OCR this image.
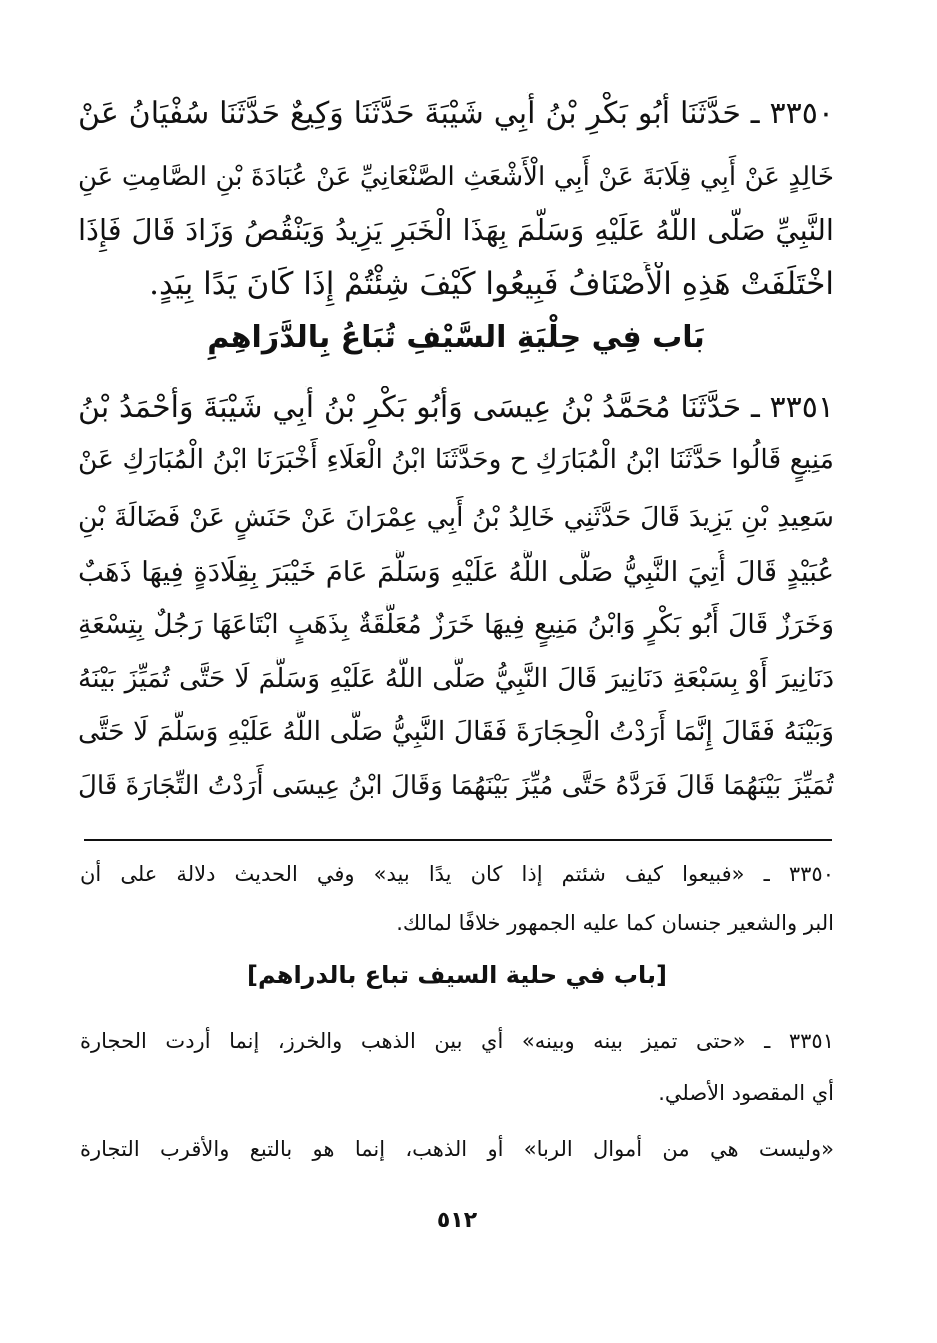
٣٣٥٠ ـ حَدَّثَنَا أَبُو بَكْرِ بْنُ أَبِي شَيْبَةَ حَدَّثَنَا وَكِيعٌ حَدَّثَنَا سُفْيَانُ عَنْ
خَالِدٍ عَنْ أَبِي قِلَابَةَ عَنْ أَبِي الْأَشْعَثِ الصَّنْعَانِيِّ عَنْ عُبَادَةَ بْنِ الصَّامِتِ عَنِ
النَّبِيِّ صَلَّى اللَّهُ عَلَيْهِ وَسَلَّمَ بِهَذَا الْخَبَرِ يَزِيدُ وَيَنْقُصُ وَزَادَ قَالَ فَإِذَا
اخْتَلَفَتْ هَذِهِ الْأَصْنَافُ فَبِيعُوا كَيْفَ شِئْتُمْ إِذَا كَانَ يَدًا بِيَدٍ.
بَاب فِي حِلْيَةِ السَّيْفِ تُبَاعُ بِالدَّرَاهِمِ
٣٣٥١ ـ حَدَّثَنَا مُحَمَّدُ بْنُ عِيسَى وَأَبُو بَكْرِ بْنُ أَبِي شَيْبَةَ وَأَحْمَدُ بْنُ
مَنِيعٍ قَالُوا حَدَّثَنَا ابْنُ الْمُبَارَكِ ح وحَدَّثَنَا ابْنُ الْعَلَاءِ أَخْبَرَنَا ابْنُ الْمُبَارَكِ عَنْ
سَعِيدِ بْنِ يَزِيدَ قَالَ حَدَّثَنِي خَالِدُ بْنُ أَبِي عِمْرَانَ عَنْ حَنَشٍ عَنْ فَضَالَةَ بْنِ
عُبَيْدٍ قَالَ أُتِيَ النَّبِيُّ صَلَّى اللَّهُ عَلَيْهِ وَسَلَّمَ عَامَ خَيْبَرَ بِقِلَادَةٍ فِيهَا ذَهَبٌ
وَخَرَزٌ قَالَ أَبُو بَكْرٍ وَابْنُ مَنِيعٍ فِيهَا خَرَزٌ مُعَلَّقَةٌ بِذَهَبٍ ابْتَاعَهَا رَجُلٌ بِتِسْعَةِ
دَنَانِيرَ أَوْ بِسَبْعَةِ دَنَانِيرَ قَالَ النَّبِيُّ صَلَّى اللَّهُ عَلَيْهِ وَسَلَّمَ لَا حَتَّى تُمَيِّزَ بَيْنَهُ
وَبَيْنَهُ فَقَالَ إِنَّمَا أَرَدْتُ الْحِجَارَةَ فَقَالَ النَّبِيُّ صَلَّى اللَّهُ عَلَيْهِ وَسَلَّمَ لَا حَتَّى
تُمَيِّزَ بَيْنَهُمَا قَالَ فَرَدَّهُ حَتَّى مُيِّزَ بَيْنَهُمَا وَقَالَ ابْنُ عِيسَى أَرَدْتُ التِّجَارَةَ قَالَ
٣٣٥٠ ـ «فبيعوا كيف شئتم إذا كان يدًا بيد» وفي الحديث دلالة على أن
البر والشعير جنسان كما عليه الجمهور خلافًا لمالك.
[باب في حلية السيف تباع بالدراهم]
٣٣٥١ ـ «حتى تميز بينه وبينه» أي بين الذهب والخرز، إنما أردت الحجارة
أي المقصود الأصلي.
«وليست هي من أموال الربا» أو الذهب، إنما هو بالتبع والأقرب التجارة
٥١٢
